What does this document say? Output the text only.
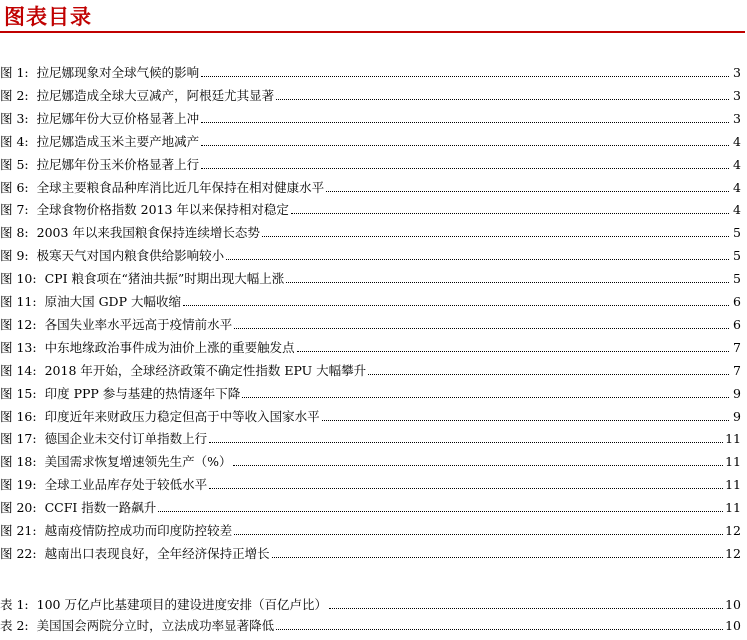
图表目录
图 1: 拉尼娜现象对全球气候的影响	3
图 2: 拉尼娜造成全球大豆减产，阿根廷尤其显著	3
图 3: 拉尼娜年份大豆价格显著上冲	3
图 4: 拉尼娜造成玉米主要产地减产	4
图 5: 拉尼娜年份玉米价格显著上行	4
图 6: 全球主要粮食品种库消比近几年保持在相对健康水平	4
图 7: 全球食物价格指数 2013 年以来保持相对稳定	4
图 8: 2003 年以来我国粮食保持连续增长态势	5
图 9: 极寒天气对国内粮食供给影响较小	5
图 10: CPI 粮食项在“猪油共振”时期出现大幅上涨	5
图 11: 原油大国 GDP 大幅收缩	6
图 12: 各国失业率水平远高于疫情前水平	6
图 13: 中东地缘政治事件成为油价上涨的重要触发点	7
图 14: 2018 年开始，全球经济政策不确定性指数 EPU 大幅攀升	7
图 15: 印度 PPP 参与基建的热情逐年下降	9
图 16: 印度近年来财政压力稳定但高于中等收入国家水平	9
图 17: 德国企业未交付订单指数上行	11
图 18: 美国需求恢复增速领先生产（%）	11
图 19: 全球工业品库存处于较低水平	11
图 20: CCFI 指数一路飙升	11
图 21: 越南疫情防控成功而印度防控较差	12
图 22: 越南出口表现良好，全年经济保持正增长	12
表 1: 100 万亿卢比基建项目的建设进度安排（百亿卢比）	10
表 2: 美国国会两院分立时，立法成功率显著降低	10
